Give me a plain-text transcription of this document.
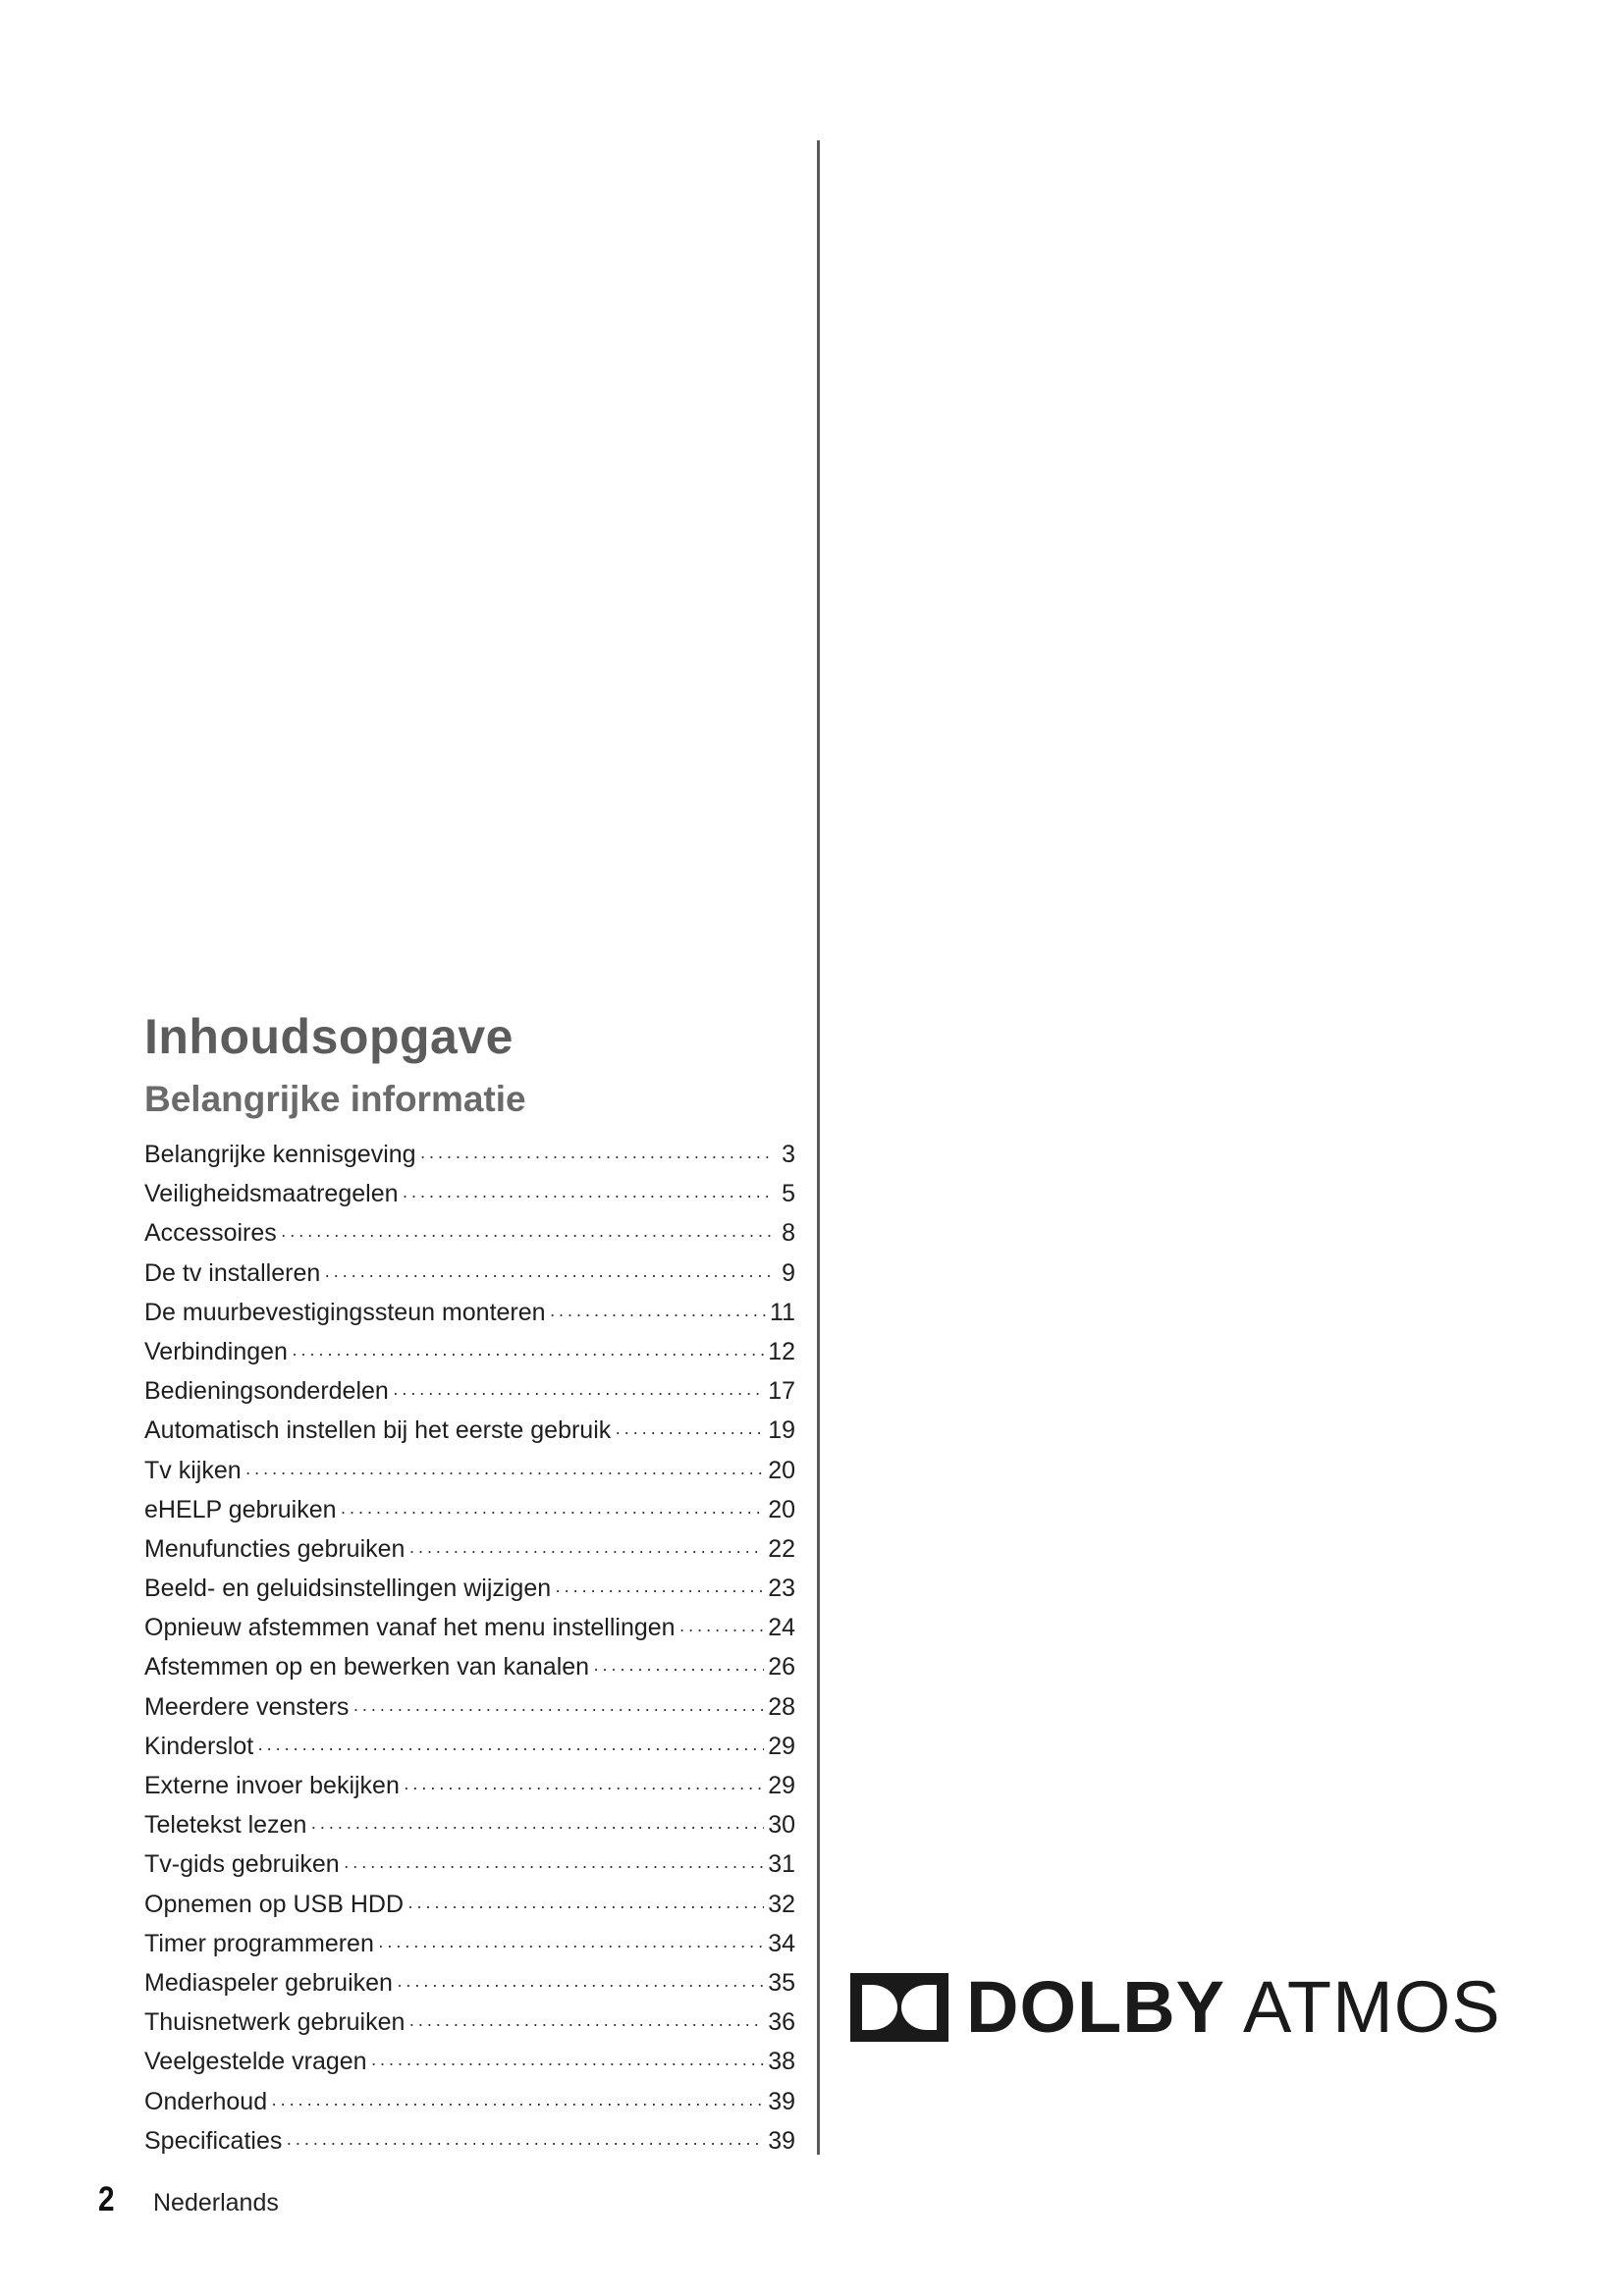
Inhoudsopgave
Belangrijke informatie
Belangrijke kennisgeving ·····	3
Veiligheidsmaatregelen ·····	5
Accessoires ·····	8
De tv installeren ·····	9
De muurbevestigingssteun monteren ·····	11
Verbindingen ·····	12
Bedieningsonderdelen ·····	17
Automatisch instellen bij het eerste gebruik ·····	19
Tv kijken ·····	20
eHELP gebruiken ·····	20
Menufuncties gebruiken ·····	22
Beeld- en geluidsinstellingen wijzigen ·····	23
Opnieuw afstemmen vanaf het menu instellingen ·····	24
Afstemmen op en bewerken van kanalen ·····	26
Meerdere vensters ·····	28
Kinderslot ·····	29
Externe invoer bekijken ·····	29
Teletekst lezen ·····	30
Tv-gids gebruiken ·····	31
Opnemen op USB HDD ·····	32
Timer programmeren ·····	34
Mediaspeler gebruiken ·····	35
Thuisnetwerk gebruiken ·····	36
Veelgestelde vragen ·····	38
Onderhoud ·····	39
Specificaties ·····	39
DOLBY ATMOS
2	Nederlands
